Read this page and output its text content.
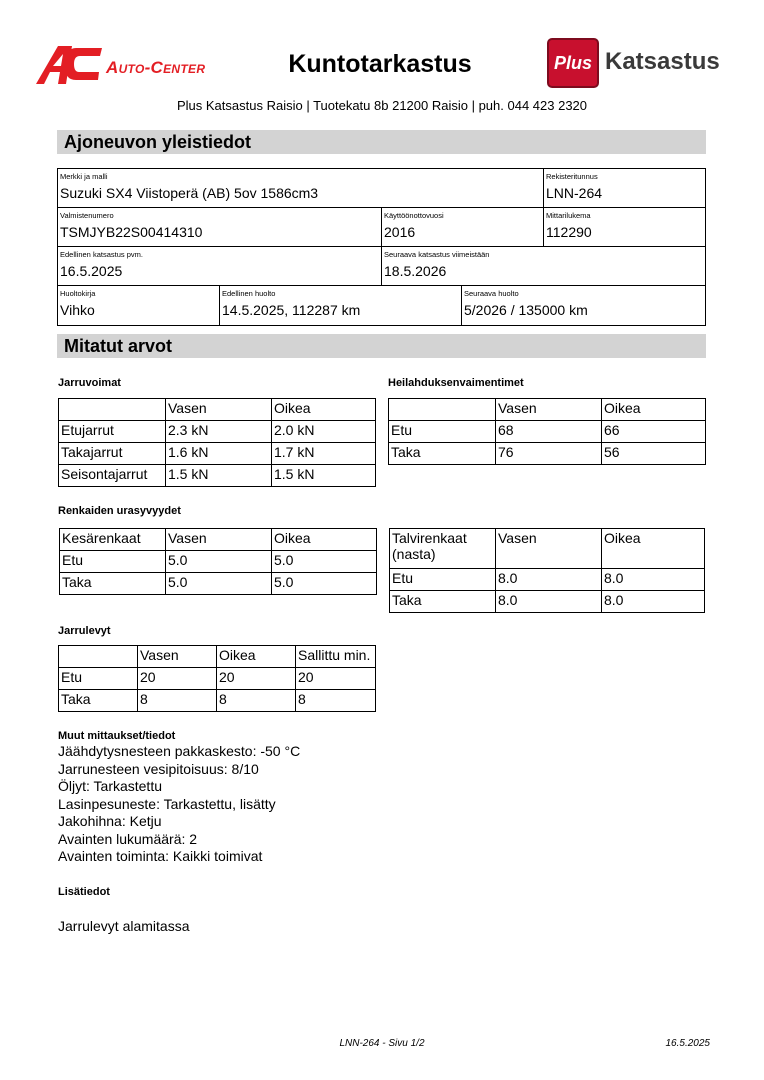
Auto-Center	Kuntotarkastus	Plus Katsastus
Plus Katsastus Raisio | Tuotekatu 8b 21200 Raisio | puh. 044 423 2320
Ajoneuvon yleistiedot
Merkki ja malli
Suzuki SX4 Viistoperä (AB) 5ov 1586cm3
Rekisteritunnus
LNN-264
Valmistenumero
TSMJYB22S00414310
Käyttöönottovuosi
2016
Mittarilukema
112290
Edellinen katsastus pvm.
16.5.2025
Seuraava katsastus viimeistään
18.5.2026
Huoltokirja
Vihko
Edellinen huolto
14.5.2025, 112287 km
Seuraava huolto
5/2026 / 135000 km
Mitatut arvot
Jarruvoimat
	Vasen	Oikea
Etujarrut	2.3 kN	2.0 kN
Takajarrut	1.6 kN	1.7 kN
Seisontajarrut	1.5 kN	1.5 kN
Heilahduksenvaimentimet
	Vasen	Oikea
Etu	68	66
Taka	76	56
Renkaiden urasyvyydet
Kesärenkaat	Vasen	Oikea
Etu	5.0	5.0
Taka	5.0	5.0
Talvirenkaat (nasta)	Vasen	Oikea
Etu	8.0	8.0
Taka	8.0	8.0
Jarrulevyt
	Vasen	Oikea	Sallittu min.
Etu	20	20	20
Taka	8	8	8
Muut mittaukset/tiedot
Jäähdytysnesteen pakkaskesto: -50 °C
Jarrunesteen vesipitoisuus: 8/10
Öljyt: Tarkastettu
Lasinpesuneste: Tarkastettu, lisätty
Jakohihna: Ketju
Avainten lukumäärä: 2
Avainten toiminta: Kaikki toimivat
Lisätiedot
Jarrulevyt alamitassa
LNN-264 - Sivu 1/2	16.5.2025
